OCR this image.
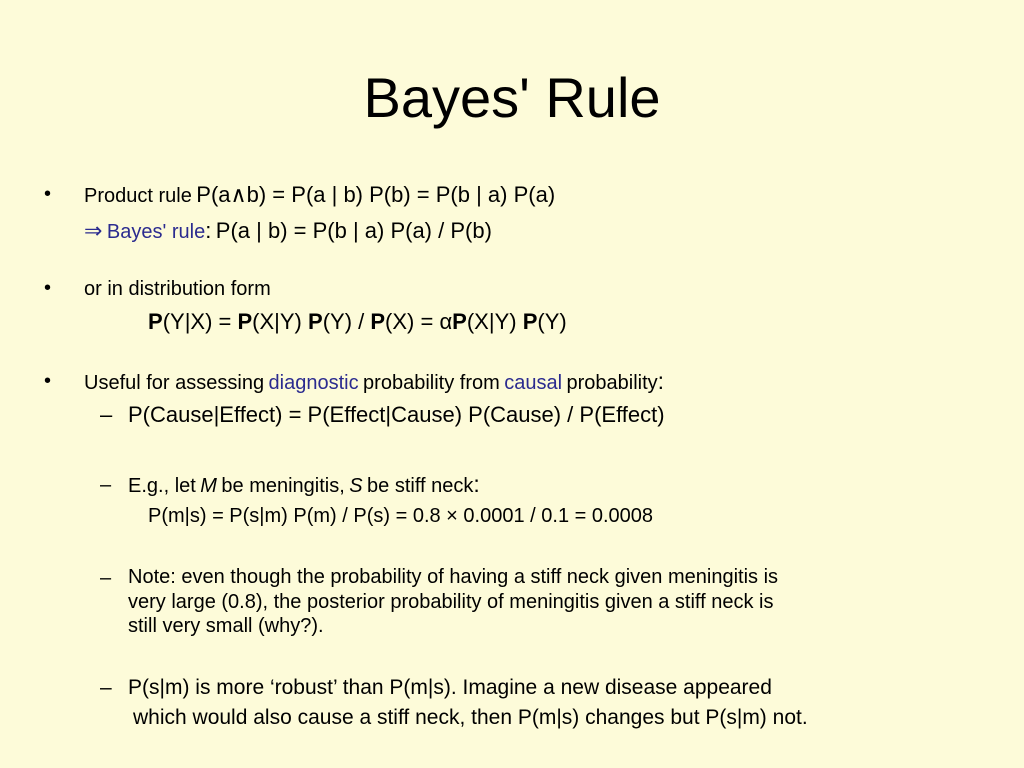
Bayes' Rule
• Product rule P(a∧b) = P(a | b) P(b) = P(b | a) P(a)
⇒ Bayes' rule: P(a | b) = P(b | a) P(a) / P(b)
• or in distribution form
P(Y|X) = P(X|Y) P(Y) / P(X) = αP(X|Y) P(Y)
• Useful for assessing diagnostic probability from causal probability:
– P(Cause|Effect) = P(Effect|Cause) P(Cause) / P(Effect)
– E.g., let M be meningitis, S be stiff neck:
P(m|s) = P(s|m) P(m) / P(s) = 0.8 × 0.0001 / 0.1 = 0.0008
– Note: even though the probability of having a stiff neck given meningitis is
very large (0.8), the posterior probability of meningitis given a stiff neck is
still very small (why?).
– P(s|m) is more ‘robust’ than P(m|s). Imagine a new disease appeared
which would also cause a stiff neck, then P(m|s) changes but P(s|m) not.
